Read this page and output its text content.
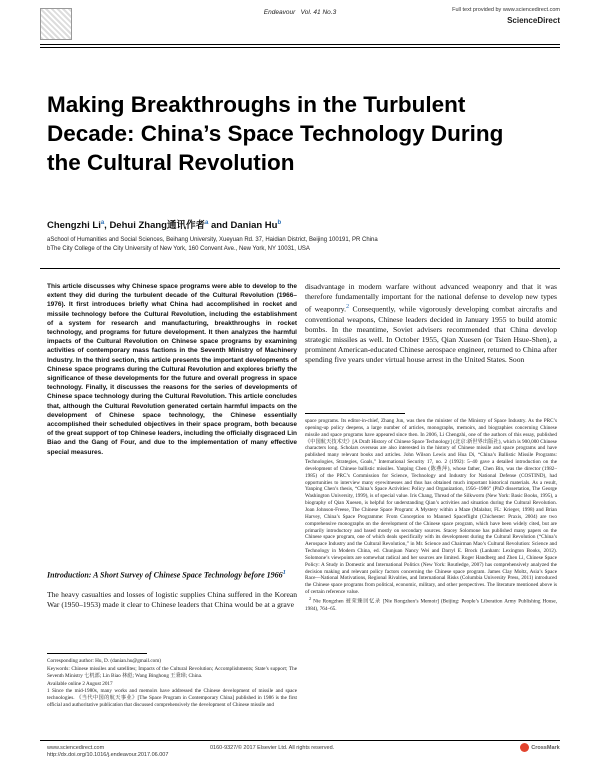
Endeavour Vol. 41 No.3	Full text provided by www.sciencedirect.com
ScienceDirect
Making Breakthroughs in the Turbulent Decade: China’s Space Technology During the Cultural Revolution
Chengzhi Li$^a$, Dehui Zhang通讯作者$^a$ and Danian Hu$^b$
aSchool of Humanities and Social Sciences, Beihang University, Xueyuan Rd. 37, Haidian District, Beijing 100191, PR China
bThe City College of the City University of New York, 160 Convent Ave., New York, NY 10031, USA
This article discusses why Chinese space programs were able to develop to the extent they did during the turbulent decade of the Cultural Revolution (1966–1976). It first introduces briefly what China had accomplished in rocket and missile technology before the Cultural Revolution, including the establishment of a system for research and manufacturing, breakthroughs in rocket technology, and programs for future development. It then analyzes the harmful impacts of the Cultural Revolution on Chinese space programs by examining activities of contemporary mass factions in the Seventh Ministry of Machinery Industry. In the third section, this article presents the important developments of Chinese space programs during the Cultural Revolution and explores briefly the significance of these developments for the future and overall progress in space technology. Finally, it discusses the reasons for the series of developments of Chinese space technology during the Cultural Revolution. This article concludes that, although the Cultural Revolution generated certain harmful impacts on the development of Chinese space technology, the Chinese essentially accomplished their scheduled objectives in their space program, both because of the great support of top Chinese leaders, including the officially disgraced Lin Biao and the Gang of Four, and due to the implementation of many effective special measures.
Introduction: A Short Survey of Chinese Space Technology before 1966$^1$
The heavy casualties and losses of logistic supplies China suffered in the Korean War (1950–1953) made it clear to Chinese leaders that China would be at a grave
disadvantage in modern warfare without advanced weaponry and that it was therefore fundamentally important for the national defense to develop new types of weaponry.$^2$ Consequently, while vigorously developing combat aircrafts and conventional weapons, Chinese leaders decided in January 1955 to build atomic bombs. In the meantime, Soviet advisers recommended that China develop strategic missiles as well. In October 1955, Qian Xuesen (or Tsien Hsue-Shen), a prominent American-educated Chinese aerospace engineer, returned to China after spending five years under virtual house arrest in the United States. Soon
space programs. Its editor-in-chief, Zhang Jun, was then the minister of the Ministry of Space Industry. As the PRC’s opening-up policy deepens, a large number of articles, monographs, memoirs, and biographies concerning Chinese missile and space programs have appeared since then. In 2006, Li Chengzhi, one of the authors of this essay, published 《中国航天技术史》[A Draft History of Chinese Space Technology] (北京:新世界出版社), which is 900,000 Chinese characters long. Scholars overseas are also interested in the history of Chinese missile and space programs and have published many relevant books and articles. John Wilson Lewis and Hua Di, “China’s Ballistic Missile Programs: Technologies, Strategies, Goals,” International Security 17, no. 2 (1992): 5–40 gave a detailed introduction on the development of Chinese ballistic missiles. Yanping Chen (陈燕萍), whose father, Chen Bin, was the director (1982–1985) of the PRC’s Commission for Science, Technology and Industry for National Defense (COSTIND), had opportunities to interview many eyewitnesses and thus has obtained much important historical materials. As a result, Yanping Chen’s thesis, “China’s Space Activities: Policy and Organization, 1956–1986” (PhD dissertation, The George Washington University, 1999), is of special value. Iris Chang, Thread of the Silkworm (New York: Basic Books, 1995), a biography of Qian Xuesen, is helpful for understanding Qian’s activities and situation during the Cultural Revolution. Joan Johnson-Freese, The Chinese Space Program: A Mystery within a Maze (Malabar, FL: Krieger, 1998) and Brian Harvey, China’s Space Programme: From Conception to Manned Spaceflight (Chichester: Praxis, 2004) are two comprehensive monographs on the development of the Chinese space program, which have been widely cited, but are primarily introductory and based mostly on secondary sources. Stacey Solomone has published many papers on the Chinese space program, one of which deals specifically with its development during the Cultural Revolution (“China’s Aerospace Industry and the Cultural Revolution,” in Mr. Science and Chairman Mao’s Cultural Revolution: Science and Technology in Modern China, ed. Chunjuan Nancy Wei and Darryl E. Brock (Lanham: Lexington Books, 2012). Solomone’s viewpoints are somewhat radical and her sources are limited. Roger Handberg and Zhen Li, Chinese Space Policy: A Study in Domestic and International Politics (New York: Routledge, 2007) has comprehensively analyzed the decision making and relevant policy factors concerning the Chinese space program. James Clay Moltz, Asia’s Space Race—National Motivations, Regional Rivalries, and International Risks (Columbia University Press, 2011) introduced the Chinese space programs from political, economic, military, and other perspectives. The literature mentioned above is of certain reference value.
$^2$ Nie Rongzhen 聂荣臻回忆录 [Nie Rongzhen’s Memoir] (Beijing: People’s Liberation Army Publishing House, 1984), 764–65.

Corresponding author: Hu, D. (danian.hu@gmail.com)

Keywords: Chinese missiles and satellites; Impacts of the Cultural Revolution; Accomplishments; State’s support; The Seventh Ministry 七机部; Lin Biao 林彪; Wang Binghong 王秉璋; China.

Available online 2 August 2017

1 Since the mid-1980s, many works and memoirs have addressed the Chinese development of missile and space technologies. 《当代中国的航天事业》[The Space Program in Contemporary China] published in 1986 is the first official and authoritative publication that discussed comprehensively the development of Chinese missile and

www.sciencedirect.com
http://dx.doi.org/10.1016/j.endeavour.2017.06.007
0160-9327/© 2017 Elsevier Ltd. All rights reserved.	CrossMark
